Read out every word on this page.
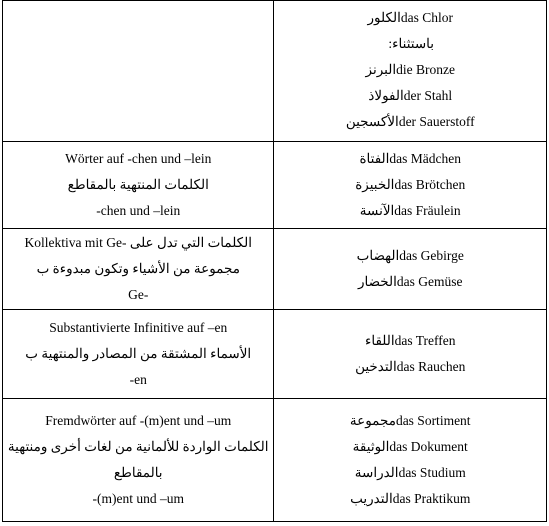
	das Chlorالكلور
باستثناء:
die Bronzeالبرنز
der Stahlالفولاذ
der Sauerstoffالأكسجين

Wörter auf -chen und –lein
الكلمات المنتهية بالمقاطع
-chen und –lein	das Mädchenالفتاة
das Brötchenالخبيزة
das Fräuleinالآنسة

Kollektiva mit Ge- الكلمات التي تدل على
مجموعة من الأشياء وتكون مبدوءة ب
Ge-	das Gebirgeالهضاب
das Gemüseالخضار

Substantivierte Infinitive auf –en
الأسماء المشتقة من المصادر والمنتهية ب
-en	das Treffenاللقاء
das Rauchenالتدخين

Fremdwörter auf -(m)ent und –um
الكلمات الواردة للألمانية من لغات أخرى ومنتهية
بالمقاطع
-(m)ent und –um	das Sortimentمجموعة
das Dokumentالوثيقة
das Studiumالدراسة
das Praktikumالتدريب
